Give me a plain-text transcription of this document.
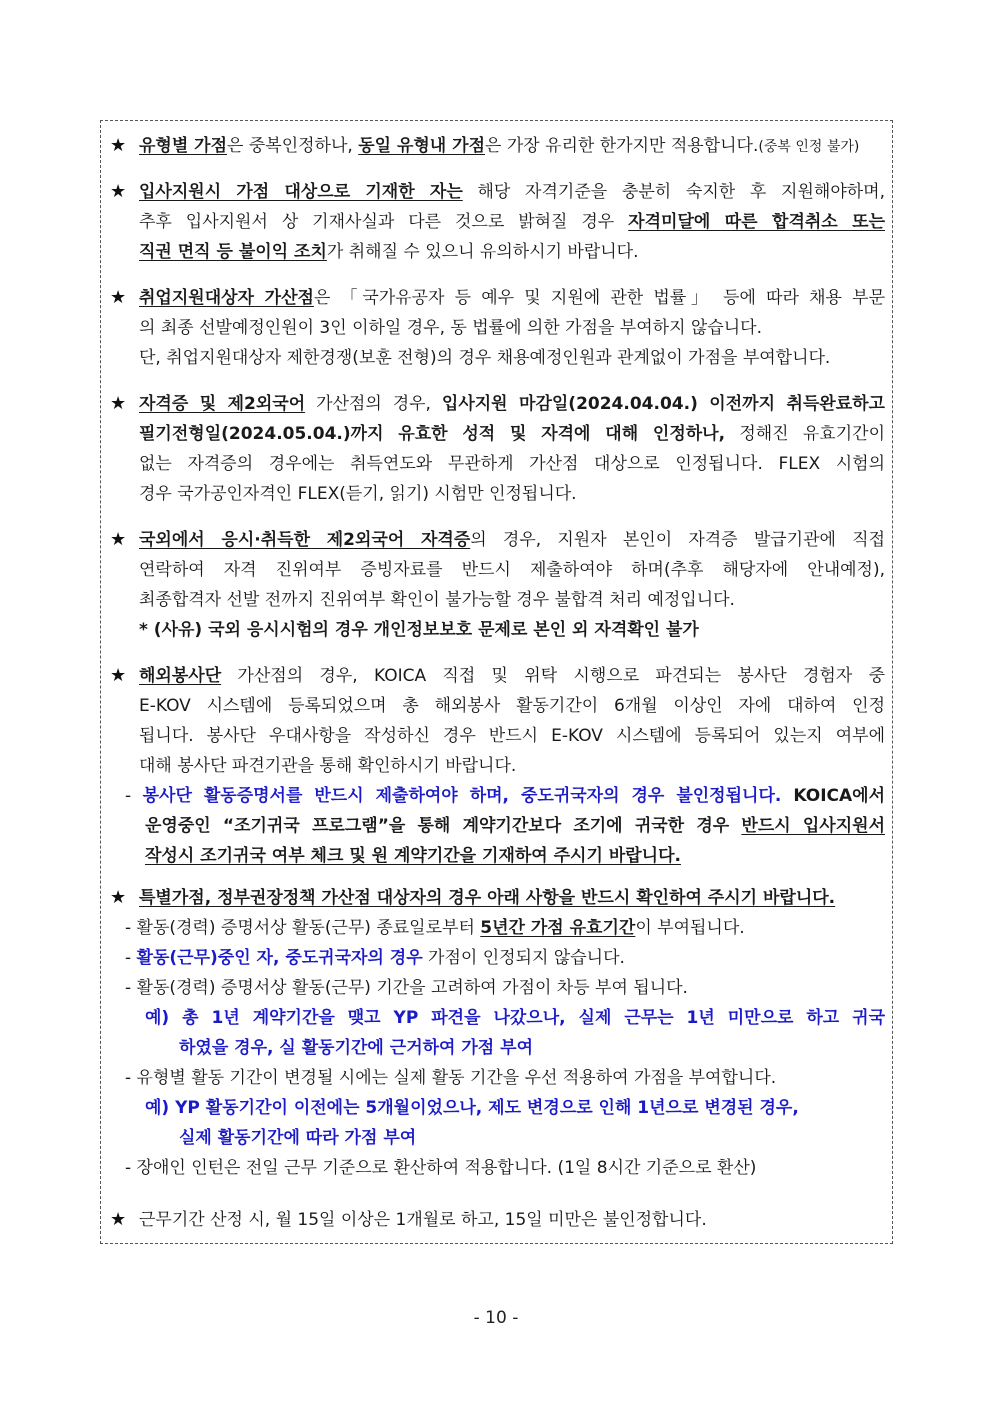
★ 유형별 가점은 중복인정하나, 동일 유형내 가점은 가장 유리한 한가지만 적용합니다.(중복 인정 불가)
★ 입사지원시 가점 대상으로 기재한 자는 해당 자격기준을 충분히 숙지한 후 지원해야하며,
추후 입사지원서 상 기재사실과 다른 것으로 밝혀질 경우 자격미달에 따른 합격취소 또는
직권 면직 등 불이익 조치가 취해질 수 있으니 유의하시기 바랍니다.
★ 취업지원대상자 가산점은 「국가유공자 등 예우 및 지원에 관한 법률」 등에 따라 채용 부문
의 최종 선발예정인원이 3인 이하일 경우, 동 법률에 의한 가점을 부여하지 않습니다.
단, 취업지원대상자 제한경쟁(보훈 전형)의 경우 채용예정인원과 관계없이 가점을 부여합니다.
★ 자격증 및 제2외국어 가산점의 경우, 입사지원 마감일(2024.04.04.) 이전까지 취득완료하고
필기전형일(2024.05.04.)까지 유효한 성적 및 자격에 대해 인정하나, 정해진 유효기간이
없는 자격증의 경우에는 취득연도와 무관하게 가산점 대상으로 인정됩니다. FLEX 시험의
경우 국가공인자격인 FLEX(듣기, 읽기) 시험만 인정됩니다.
★ 국외에서 응시·취득한 제2외국어 자격증의 경우, 지원자 본인이 자격증 발급기관에 직접
연락하여 자격 진위여부 증빙자료를 반드시 제출하여야 하며(추후 해당자에 안내예정),
최종합격자 선발 전까지 진위여부 확인이 불가능할 경우 불합격 처리 예정입니다.
* (사유) 국외 응시시험의 경우 개인정보보호 문제로 본인 외 자격확인 불가
★ 해외봉사단 가산점의 경우, KOICA 직접 및 위탁 시행으로 파견되는 봉사단 경험자 중
E-KOV 시스템에 등록되었으며 총 해외봉사 활동기간이 6개월 이상인 자에 대하여 인정
됩니다. 봉사단 우대사항을 작성하신 경우 반드시 E-KOV 시스템에 등록되어 있는지 여부에
대해 봉사단 파견기관을 통해 확인하시기 바랍니다.
- 봉사단 활동증명서를 반드시 제출하여야 하며, 중도귀국자의 경우 불인정됩니다. KOICA에서
운영중인 “조기귀국 프로그램”을 통해 계약기간보다 조기에 귀국한 경우 반드시 입사지원서
작성시 조기귀국 여부 체크 및 원 계약기간을 기재하여 주시기 바랍니다.
★ 특별가점, 정부권장정책 가산점 대상자의 경우 아래 사항을 반드시 확인하여 주시기 바랍니다.
- 활동(경력) 증명서상 활동(근무) 종료일로부터 5년간 가점 유효기간이 부여됩니다.
- 활동(근무)중인 자, 중도귀국자의 경우 가점이 인정되지 않습니다.
- 활동(경력) 증명서상 활동(근무) 기간을 고려하여 가점이 차등 부여 됩니다.
예) 총 1년 계약기간을 맺고 YP 파견을 나갔으나, 실제 근무는 1년 미만으로 하고 귀국
하였을 경우, 실 활동기간에 근거하여 가점 부여
- 유형별 활동 기간이 변경될 시에는 실제 활동 기간을 우선 적용하여 가점을 부여합니다.
예) YP 활동기간이 이전에는 5개월이었으나, 제도 변경으로 인해 1년으로 변경된 경우,
실제 활동기간에 따라 가점 부여
- 장애인 인턴은 전일 근무 기준으로 환산하여 적용합니다. (1일 8시간 기준으로 환산)
★ 근무기간 산정 시, 월 15일 이상은 1개월로 하고, 15일 미만은 불인정합니다.
- 10 -
